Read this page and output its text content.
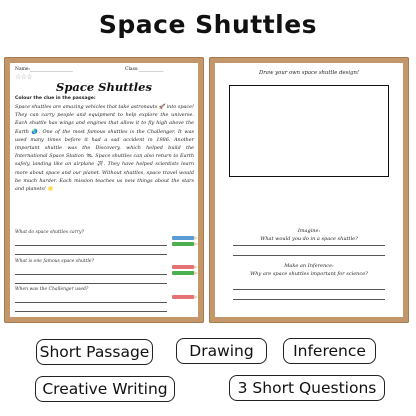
Space Shuttles
Name:___________________	Class:___________
☆☆☆
Space Shuttles
Colour the clue in the passage:
Space shuttles are amazing vehicles that take astronauts 🚀 into space! They can carry people and equipment to help explore the universe. Each shuttle has wings and engines that allow it to fly high above the Earth 🌏. One of the most famous shuttles is the Challenger. It was used many times before it had a sad accident in 1986. Another important shuttle was the Discovery, which helped build the International Space Station 🛰. Space shuttles can also return to Earth safely, landing like an airplane ✈. They have helped scientists learn more about space and our planet. Without shuttles, space travel would be much harder. Each mission teaches us new things about the stars and planets! 🌟
What do space shuttles carry?
What is one famous space shuttle?
When was the Challenger used?
Draw your own space shuttle design!
Imagine:
What would you do in a space shuttle?
Make an Inference:
Why are space shuttles important for science?
Short Passage	Drawing	Inference
Creative Writing	3 Short Questions
